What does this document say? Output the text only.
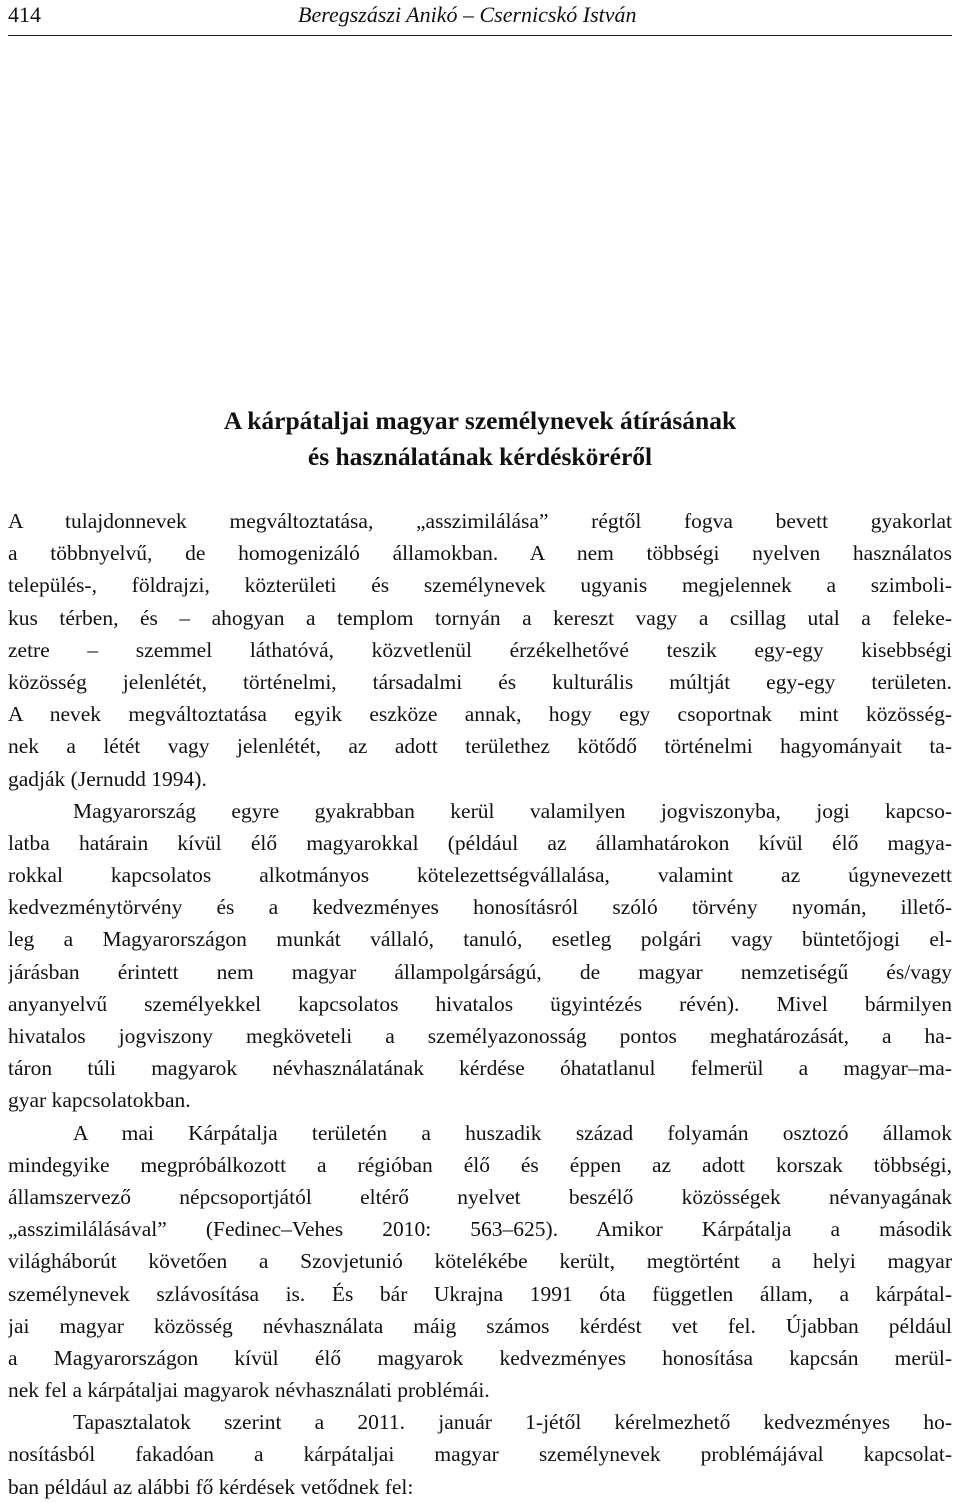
414	Beregszászi Anikó – Csernicskó István
A kárpátaljai magyar személynevek átírásának
és használatának kérdésköréről
A tulajdonnevek megváltoztatása, „asszimilálása” régtől fogva bevett gyakorlat
a többnyelvű, de homogenizáló államokban. A nem többségi nyelven használatos
település-, földrajzi, közterületi és személynevek ugyanis megjelennek a szimboli-
kus térben, és – ahogyan a templom tornyán a kereszt vagy a csillag utal a feleke-
zetre – szemmel láthatóvá, közvetlenül érzékelhetővé teszik egy-egy kisebbségi
közösség jelenlétét, történelmi, társadalmi és kulturális múltját egy-egy területen.
A nevek megváltoztatása egyik eszköze annak, hogy egy csoportnak mint közösség-
nek a létét vagy jelenlétét, az adott területhez kötődő történelmi hagyományait ta-
gadják (Jernudd 1994).
Magyarország egyre gyakrabban kerül valamilyen jogviszonyba, jogi kapcso-
latba határain kívül élő magyarokkal (például az államhatárokon kívül élő magya-
rokkal kapcsolatos alkotmányos kötelezettségvállalása, valamint az úgynevezett
kedvezménytörvény és a kedvezményes honosításról szóló törvény nyomán, illető-
leg a Magyarországon munkát vállaló, tanuló, esetleg polgári vagy büntetőjogi el-
járásban érintett nem magyar állampolgárságú, de magyar nemzetiségű és/vagy
anyanyelvű személyekkel kapcsolatos hivatalos ügyintézés révén). Mivel bármilyen
hivatalos jogviszony megköveteli a személyazonosság pontos meghatározását, a ha-
táron túli magyarok névhasználatának kérdése óhatatlanul felmerül a magyar–ma-
gyar kapcsolatokban.
A mai Kárpátalja területén a huszadik század folyamán osztozó államok
mindegyike megpróbálkozott a régióban élő és éppen az adott korszak többségi,
államszervező népcsoportjától eltérő nyelvet beszélő közösségek névanyagának
„asszimilálásával” (Fedinec–Vehes 2010: 563–625). Amikor Kárpátalja a második
világháborút követően a Szovjetunió kötelékébe került, megtörtént a helyi magyar
személynevek szlávosítása is. És bár Ukrajna 1991 óta független állam, a kárpátal-
jai magyar közösség névhasználata máig számos kérdést vet fel. Újabban például
a Magyarországon kívül élő magyarok kedvezményes honosítása kapcsán merül-
nek fel a kárpátaljai magyarok névhasználati problémái.
Tapasztalatok szerint a 2011. január 1-jétől kérelmezhető kedvezményes ho-
nosításból fakadóan a kárpátaljai magyar személynevek problémájával kapcsolat-
ban például az alábbi fő kérdések vetődnek fel:
